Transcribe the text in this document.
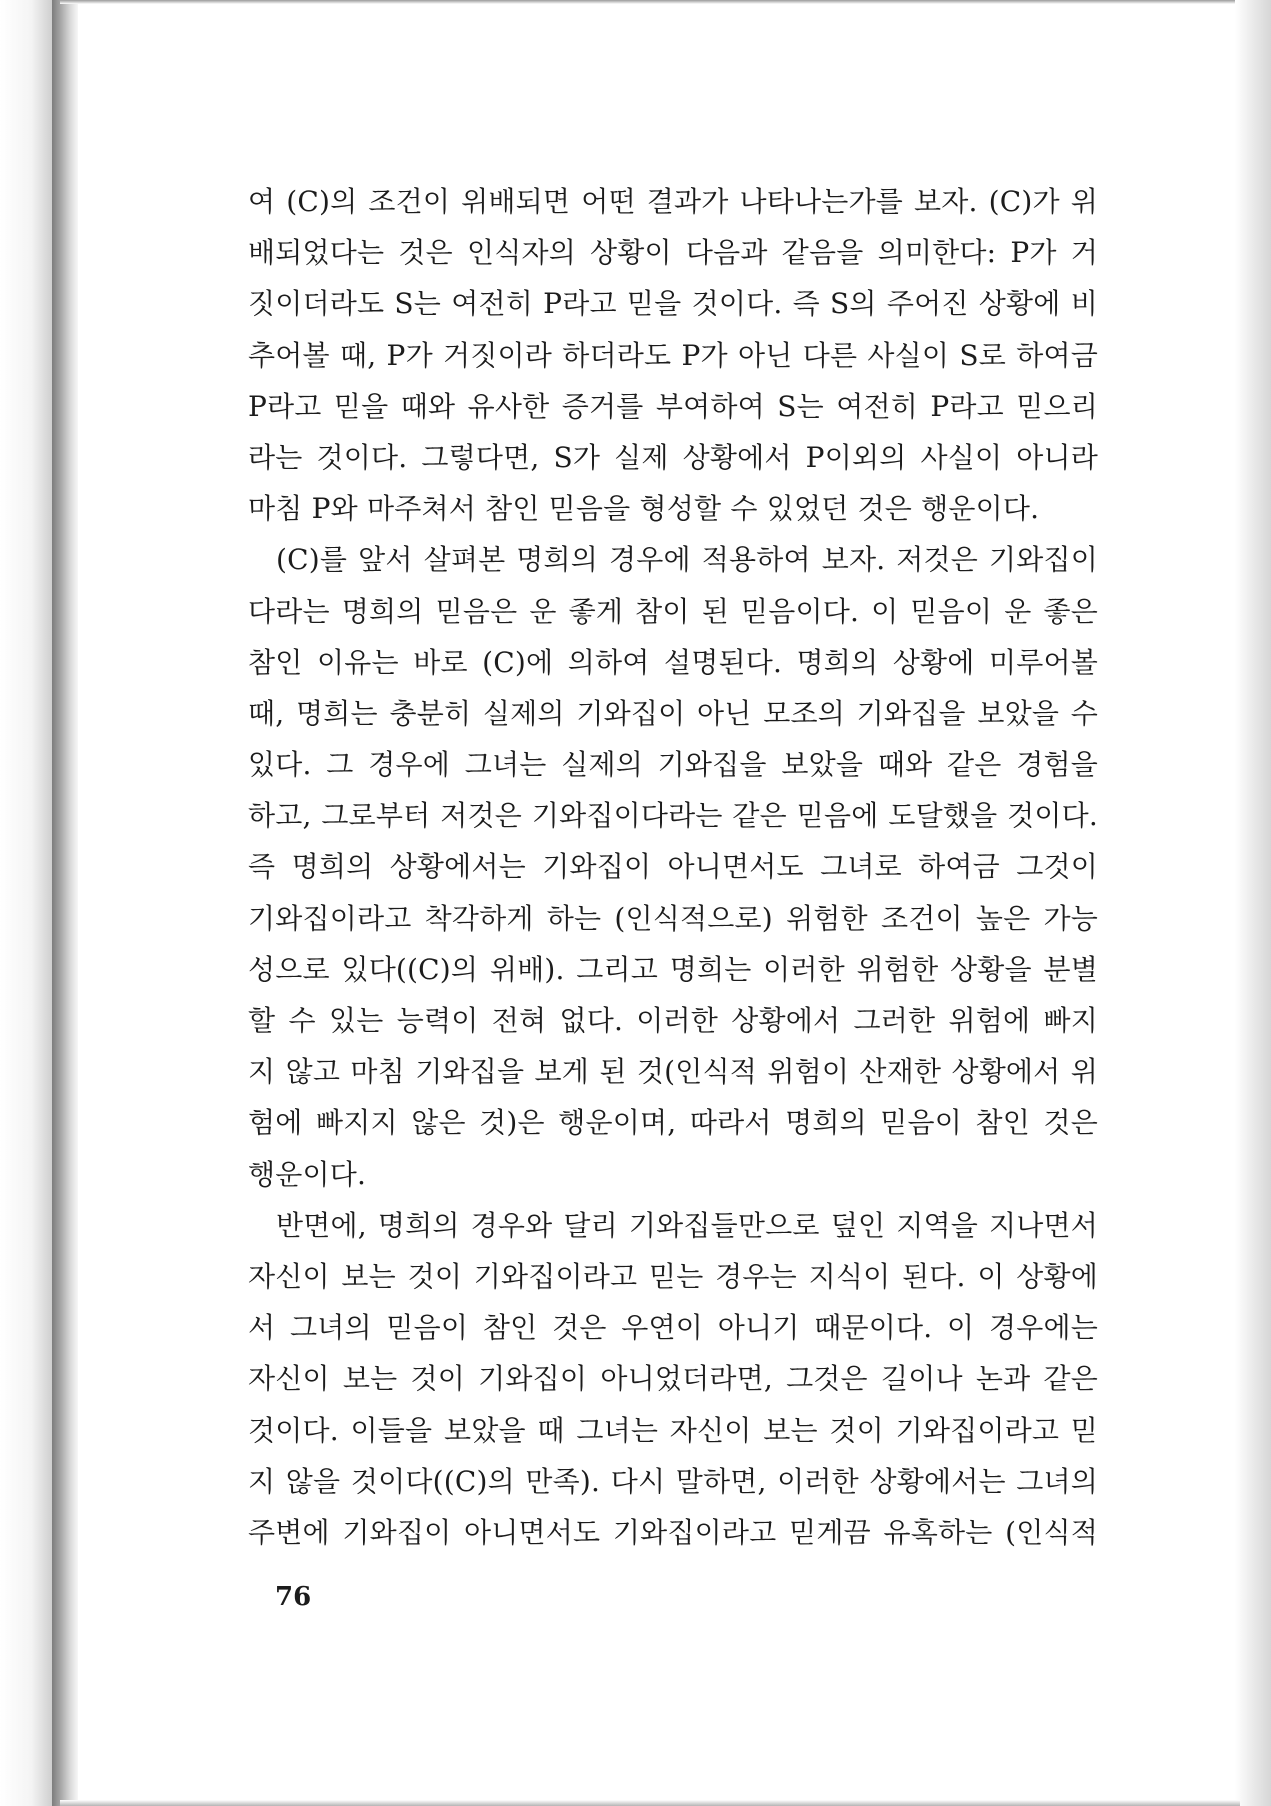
여 (C)의 조건이 위배되면 어떤 결과가 나타나는가를 보자. (C)가 위
배되었다는 것은 인식자의 상황이 다음과 같음을 의미한다: P가 거
짓이더라도 S는 여전히 P라고 믿을 것이다. 즉 S의 주어진 상황에 비
추어볼 때, P가 거짓이라 하더라도 P가 아닌 다른 사실이 S로 하여금
P라고 믿을 때와 유사한 증거를 부여하여 S는 여전히 P라고 믿으리
라는 것이다. 그렇다면, S가 실제 상황에서 P이외의 사실이 아니라
마침 P와 마주쳐서 참인 믿음을 형성할 수 있었던 것은 행운이다.
(C)를 앞서 살펴본 명희의 경우에 적용하여 보자. 저것은 기와집이
다라는 명희의 믿음은 운 좋게 참이 된 믿음이다. 이 믿음이 운 좋은
참인 이유는 바로 (C)에 의하여 설명된다. 명희의 상황에 미루어볼
때, 명희는 충분히 실제의 기와집이 아닌 모조의 기와집을 보았을 수
있다. 그 경우에 그녀는 실제의 기와집을 보았을 때와 같은 경험을
하고, 그로부터 저것은 기와집이다라는 같은 믿음에 도달했을 것이다.
즉 명희의 상황에서는 기와집이 아니면서도 그녀로 하여금 그것이
기와집이라고 착각하게 하는 (인식적으로) 위험한 조건이 높은 가능
성으로 있다((C)의 위배). 그리고 명희는 이러한 위험한 상황을 분별
할 수 있는 능력이 전혀 없다. 이러한 상황에서 그러한 위험에 빠지
지 않고 마침 기와집을 보게 된 것(인식적 위험이 산재한 상황에서 위
험에 빠지지 않은 것)은 행운이며, 따라서 명희의 믿음이 참인 것은
행운이다.
반면에, 명희의 경우와 달리 기와집들만으로 덮인 지역을 지나면서
자신이 보는 것이 기와집이라고 믿는 경우는 지식이 된다. 이 상황에
서 그녀의 믿음이 참인 것은 우연이 아니기 때문이다. 이 경우에는
자신이 보는 것이 기와집이 아니었더라면, 그것은 길이나 논과 같은
것이다. 이들을 보았을 때 그녀는 자신이 보는 것이 기와집이라고 믿
지 않을 것이다((C)의 만족). 다시 말하면, 이러한 상황에서는 그녀의
주변에 기와집이 아니면서도 기와집이라고 믿게끔 유혹하는 (인식적
76
